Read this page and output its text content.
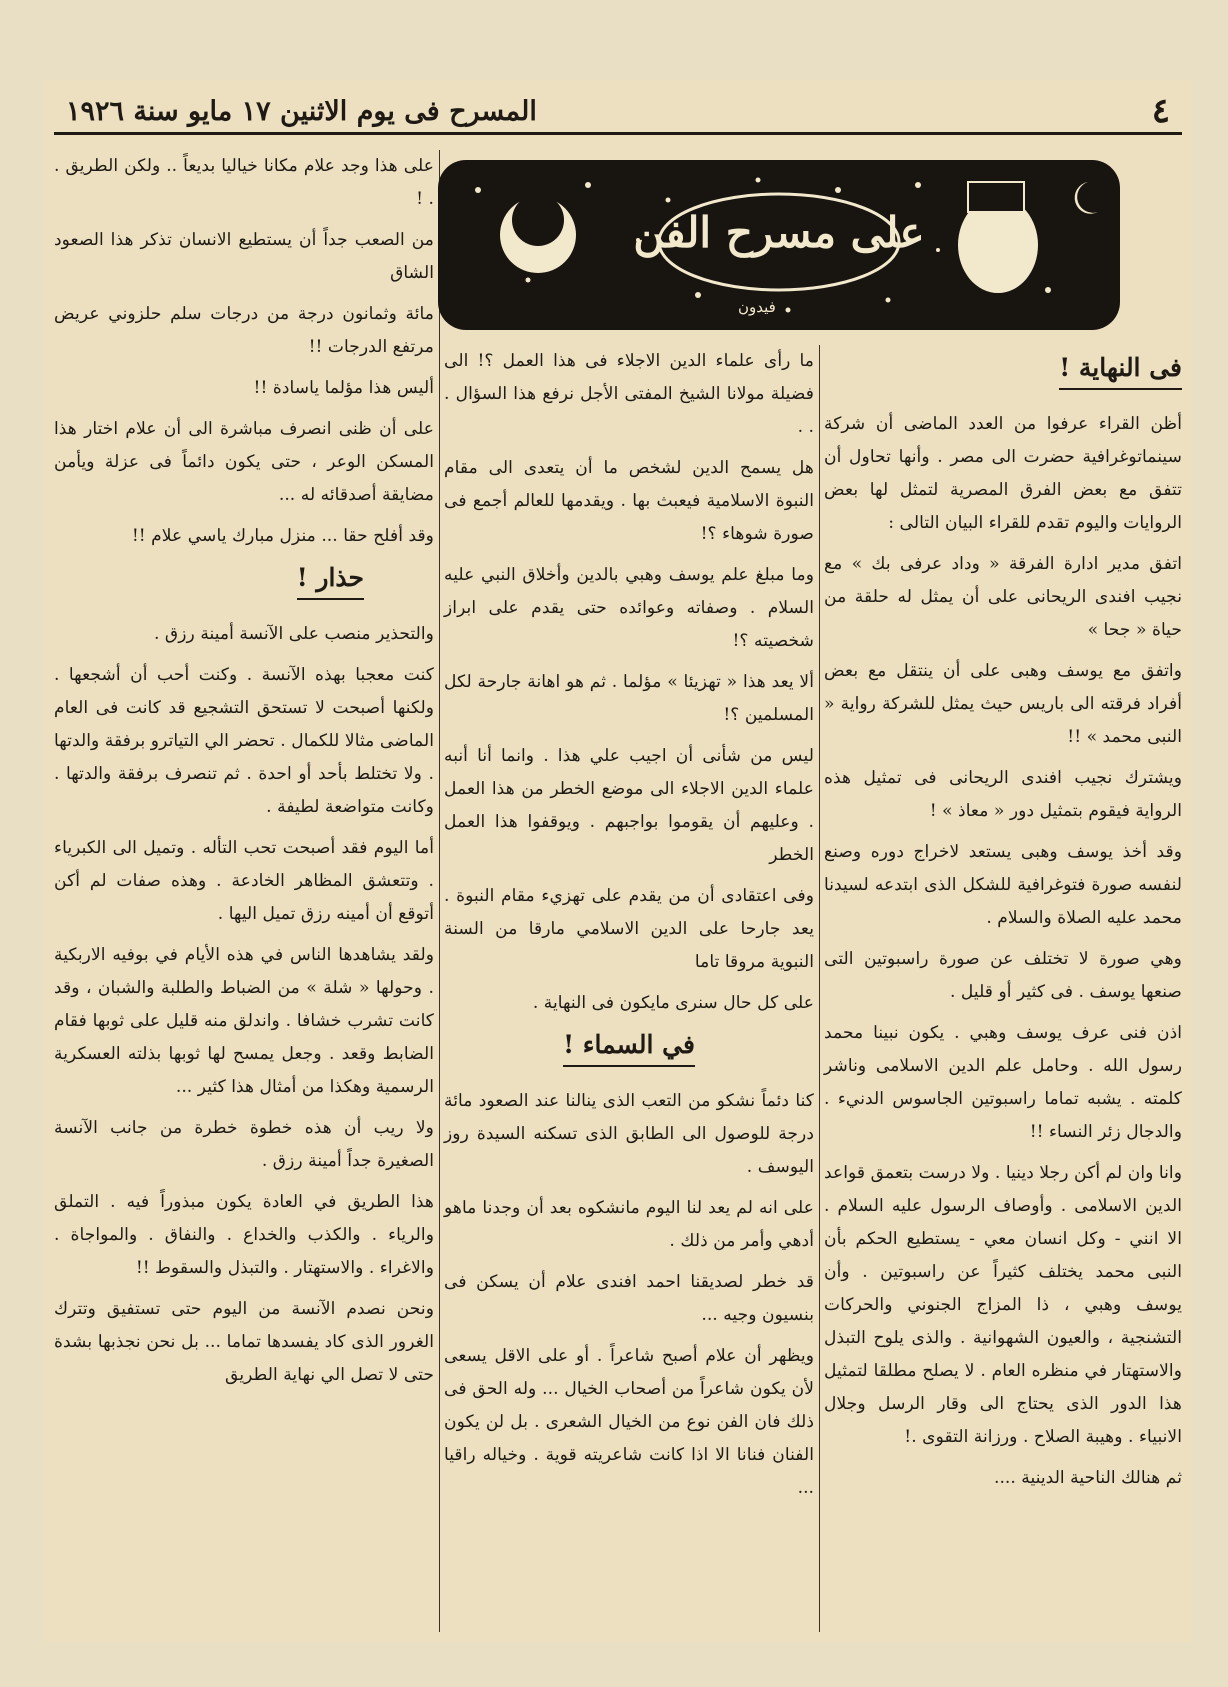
٤
المسرح فى يوم الاثنين ١٧ مايو سنة ١٩٢٦

على هذا وجد علام مكانا خياليا بديعاً .. ولكن الطريق . . !

من الصعب جداً أن يستطيع الانسان تذكر هذا الصعود الشاق

مائة وثمانون درجة من درجات سلم حلزوني عريض مرتفع الدرجات !!

أليس هذا مؤلما ياسادة !!

على أن ظنى انصرف مباشرة الى أن علام اختار هذا المسكن الوعر ، حتى يكون دائماً فى عزلة ويأمن مضايقة أصدقائه له ...

وقد أفلح حقا ... منزل مبارك ياسي علام !!

حذار !

والتحذير منصب على الآنسة أمينة رزق .

كنت معجبا بهذه الآنسة . وكنت أحب أن أشجعها . ولكنها أصبحت لا تستحق التشجيع قد كانت فى العام الماضى مثالا للكمال . تحضر الي التياترو برفقة والدتها . ولا تختلط بأحد أو احدة . ثم تنصرف برفقة والدتها . وكانت متواضعة لطيفة .

أما اليوم فقد أصبحت تحب التأله . وتميل الى الكبرياء . وتتعشق المظاهر الخادعة . وهذه صفات لم أكن أتوقع أن أمينه رزق تميل اليها .

ولقد يشاهدها الناس في هذه الأيام في بوفيه الاربكية . وحولها « شلة » من الضباط والطلبة والشبان ، وقد كانت تشرب خشافا . واندلق منه قليل على ثوبها فقام الضابط وقعد . وجعل يمسح لها ثوبها بذلته العسكرية الرسمية وهكذا من أمثال هذا كثير ...

ولا ريب أن هذه خطوة خطرة من جانب الآنسة الصغيرة جداً أمينة رزق .

هذا الطريق في العادة يكون مبذوراً فيه . التملق والرياء . والكذب والخداع . والنفاق . والمواجاة . والاغراء . والاستهتار . والتبذل والسقوط !!

ونحن نصدم الآنسة من اليوم حتى تستفيق وتترك الغرور الذى كاد يفسدها تماما ... بل نحن نجذبها بشدة حتى لا تصل الي نهاية الطريق

على مسرح الفن
فيدون

ما رأى علماء الدين الاجلاء فى هذا العمل ؟! الى فضيلة مولانا الشيخ المفتى الأجل نرفع هذا السؤال . . .

هل يسمح الدين لشخص ما أن يتعدى الى مقام النبوة الاسلامية فيعبث بها . ويقدمها للعالم أجمع فى صورة شوهاء ؟!

وما مبلغ علم يوسف وهبي بالدين وأخلاق النبي عليه السلام . وصفاته وعوائده حتى يقدم على ابراز شخصيته ؟!

ألا يعد هذا « تهزيئا » مؤلما . ثم هو اهانة جارحة لكل المسلمين ؟!

ليس من شأنى أن اجيب علي هذا . وانما أنا أنبه علماء الدين الاجلاء الى موضع الخطر من هذا العمل . وعليهم أن يقوموا بواجبهم . ويوقفوا هذا العمل الخطر

وفى اعتقادى أن من يقدم على تهزيء مقام النبوة . يعد جارحا على الدين الاسلامي مارقا من السنة النبوية مروقا تاما

على كل حال سنرى مايكون فى النهاية .

في السماء !

كنا دئماً نشكو من التعب الذى ينالنا عند الصعود مائة درجة للوصول الى الطابق الذى تسكنه السيدة روز اليوسف .

على انه لم يعد لنا اليوم مانشكوه بعد أن وجدنا ماهو أدهي وأمر من ذلك .

قد خطر لصديقنا احمد افندى علام أن يسكن فى بنسيون وجيه ...

ويظهر أن علام أصبح شاعراً . أو على الاقل يسعى لأن يكون شاعراً من أصحاب الخيال ... وله الحق فى ذلك فان الفن نوع من الخيال الشعرى . بل لن يكون الفنان فنانا الا اذا كانت شاعريته قوية . وخياله راقيا ...

فى النهاية !

أظن القراء عرفوا من العدد الماضى أن شركة سينماتوغرافية حضرت الى مصر . وأنها تحاول أن تتفق مع بعض الفرق المصرية لتمثل لها بعض الروايات واليوم تقدم للقراء البيان التالى :

اتفق مدير ادارة الفرقة « وداد عرفى بك » مع نجيب افندى الريحانى على أن يمثل له حلقة من حياة « جحا »

واتفق مع يوسف وهبى على أن ينتقل مع بعض أفراد فرقته الى باريس حيث يمثل للشركة رواية « النبى محمد » !!

ويشترك نجيب افندى الريحانى فى تمثيل هذه الرواية فيقوم بتمثيل دور « معاذ » !

وقد أخذ يوسف وهبى يستعد لاخراج دوره وصنع لنفسه صورة فتوغرافية للشكل الذى ابتدعه لسيدنا محمد عليه الصلاة والسلام .

وهي صورة لا تختلف عن صورة راسبوتين التى صنعها يوسف . فى كثير أو قليل .

اذن فنى عرف يوسف وهبي . يكون نبينا محمد رسول الله . وحامل علم الدين الاسلامى وناشر كلمته . يشبه تماما راسبوتين الجاسوس الدنيء . والدجال زئر النساء !!

وانا وان لم أكن رجلا دينيا . ولا درست بتعمق قواعد الدين الاسلامى . وأوصاف الرسول عليه السلام . الا انني - وكل انسان معي - يستطيع الحكم بأن النبى محمد يختلف كثيراً عن راسبوتين . وأن يوسف وهبي ، ذا المزاج الجنوني والحركات التشنجية ، والعيون الشهوانية . والذى يلوح التبذل والاستهتار في منظره العام . لا يصلح مطلقا لتمثيل هذا الدور الذى يحتاج الى وقار الرسل وجلال الانبياء . وهيبة الصلاح . ورزانة التقوى .!

ثم هنالك الناحية الدينية ....
